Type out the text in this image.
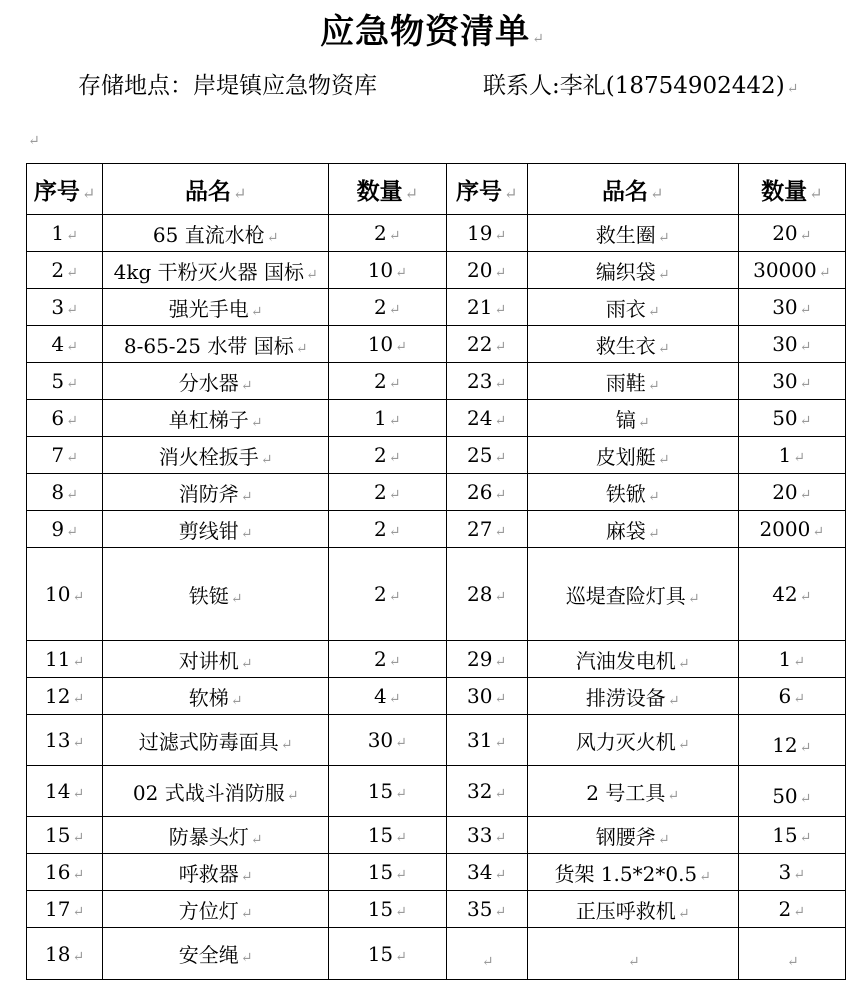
应急物资清单 ↵
存储地点：岸堤镇应急物资库	联系人:李礼(18754902442) ↵
↵
序号 ↵	品名 ↵	数量 ↵	序号 ↵	品名 ↵	数量 ↵
1 ↵	65 直流水枪 ↵	2 ↵	19 ↵	救生圈 ↵	20 ↵
2 ↵	4kg 干粉灭火器 国标 ↵	10 ↵	20 ↵	编织袋 ↵	30000 ↵
3 ↵	强光手电 ↵	2 ↵	21 ↵	雨衣 ↵	30 ↵
4 ↵	8-65-25 水带 国标 ↵	10 ↵	22 ↵	救生衣 ↵	30 ↵
5 ↵	分水器 ↵	2 ↵	23 ↵	雨鞋 ↵	30 ↵
6 ↵	单杠梯子 ↵	1 ↵	24 ↵	镐 ↵	50 ↵
7 ↵	消火栓扳手 ↵	2 ↵	25 ↵	皮划艇 ↵	1 ↵
8 ↵	消防斧 ↵	2 ↵	26 ↵	铁锨 ↵	20 ↵
9 ↵	剪线钳 ↵	2 ↵	27 ↵	麻袋 ↵	2000 ↵
10 ↵	铁铤 ↵	2 ↵	28 ↵	巡堤查险灯具 ↵	42 ↵
11 ↵	对讲机 ↵	2 ↵	29 ↵	汽油发电机 ↵	1 ↵
12 ↵	软梯 ↵	4 ↵	30 ↵	排涝设备 ↵	6 ↵
13 ↵	过滤式防毒面具 ↵	30 ↵	31 ↵	风力灭火机 ↵	12 ↵
14 ↵	02 式战斗消防服 ↵	15 ↵	32 ↵	2 号工具 ↵	50 ↵
15 ↵	防暴头灯 ↵	15 ↵	33 ↵	钢腰斧 ↵	15 ↵
16 ↵	呼救器 ↵	15 ↵	34 ↵	货架 1.5*2*0.5 ↵	3 ↵
17 ↵	方位灯 ↵	15 ↵	35 ↵	正压呼救机 ↵	2 ↵
18 ↵	安全绳 ↵	15 ↵	↵	↵	↵
